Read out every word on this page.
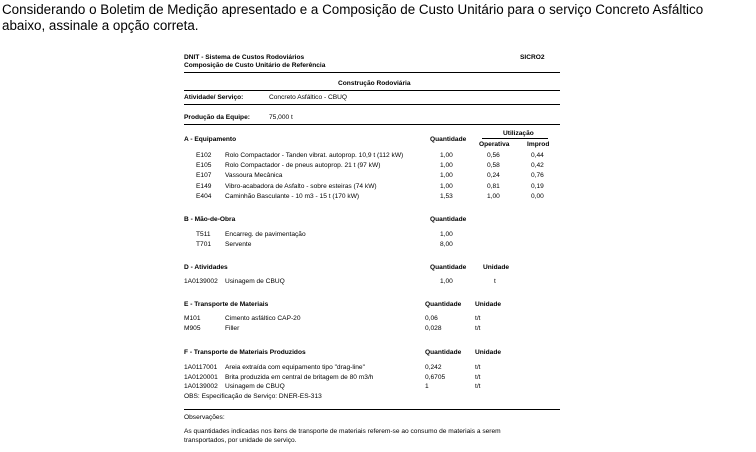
Considerando o Boletim de Medição apresentado e a Composição de Custo Unitário para o serviço Concreto Asfáltico
abaixo, assinale a opção correta.
DNIT - Sistema de Custos Rodoviários
Composição de Custo Unitário de Referência
SICRO2
Construção Rodoviária
Atividade/ Serviço:	Concreto Asfáltico - CBUQ
Produção da Equipe:	75,000 t
A - Equipamento	Quantidade
Utilização
Operativa	Improd
E102 Rolo Compactador - Tanden vibrat. autoprop. 10,9 t (112 kW)	1,00	0,56	0,44
E105 Rolo Compactador - de pneus autoprop. 21 t (97 kW)	1,00	0,58	0,42
E107 Vassoura Mecânica	1,00	0,24	0,76
E149 Vibro-acabadora de Asfalto - sobre esteiras (74 kW)	1,00	0,81	0,19
E404 Caminhão Basculante - 10 m3 - 15 t (170 kW)	1,53	1,00	0,00
B - Mão-de-Obra	Quantidade
T511 Encarreg. de pavimentação	1,00
T701 Servente	8,00
D - Atividades	Quantidade	Unidade
1A0139002 Usinagem de CBUQ	1,00	t
E - Transporte de Materiais	Quantidade Unidade
M101	Cimento asfáltico CAP-20	0,06	t/t
M905	Filler	0,028	t/t
F - Transporte de Materiais Produzidos	Quantidade Unidade
1A0117001 Areia extraída com equipamento tipo "drag-line"	0,242	t/t
1A0120001 Brita produzida em central de britagem de 80 m3/h	0,6705	t/t
1A0139002 Usinagem de CBUQ	1	t/t
OBS: Especificação de Serviço: DNER-ES-313
Observações:
As quantidades indicadas nos itens de transporte de materiais referem-se ao consumo de materiais a serem
transportados, por unidade de serviço.
